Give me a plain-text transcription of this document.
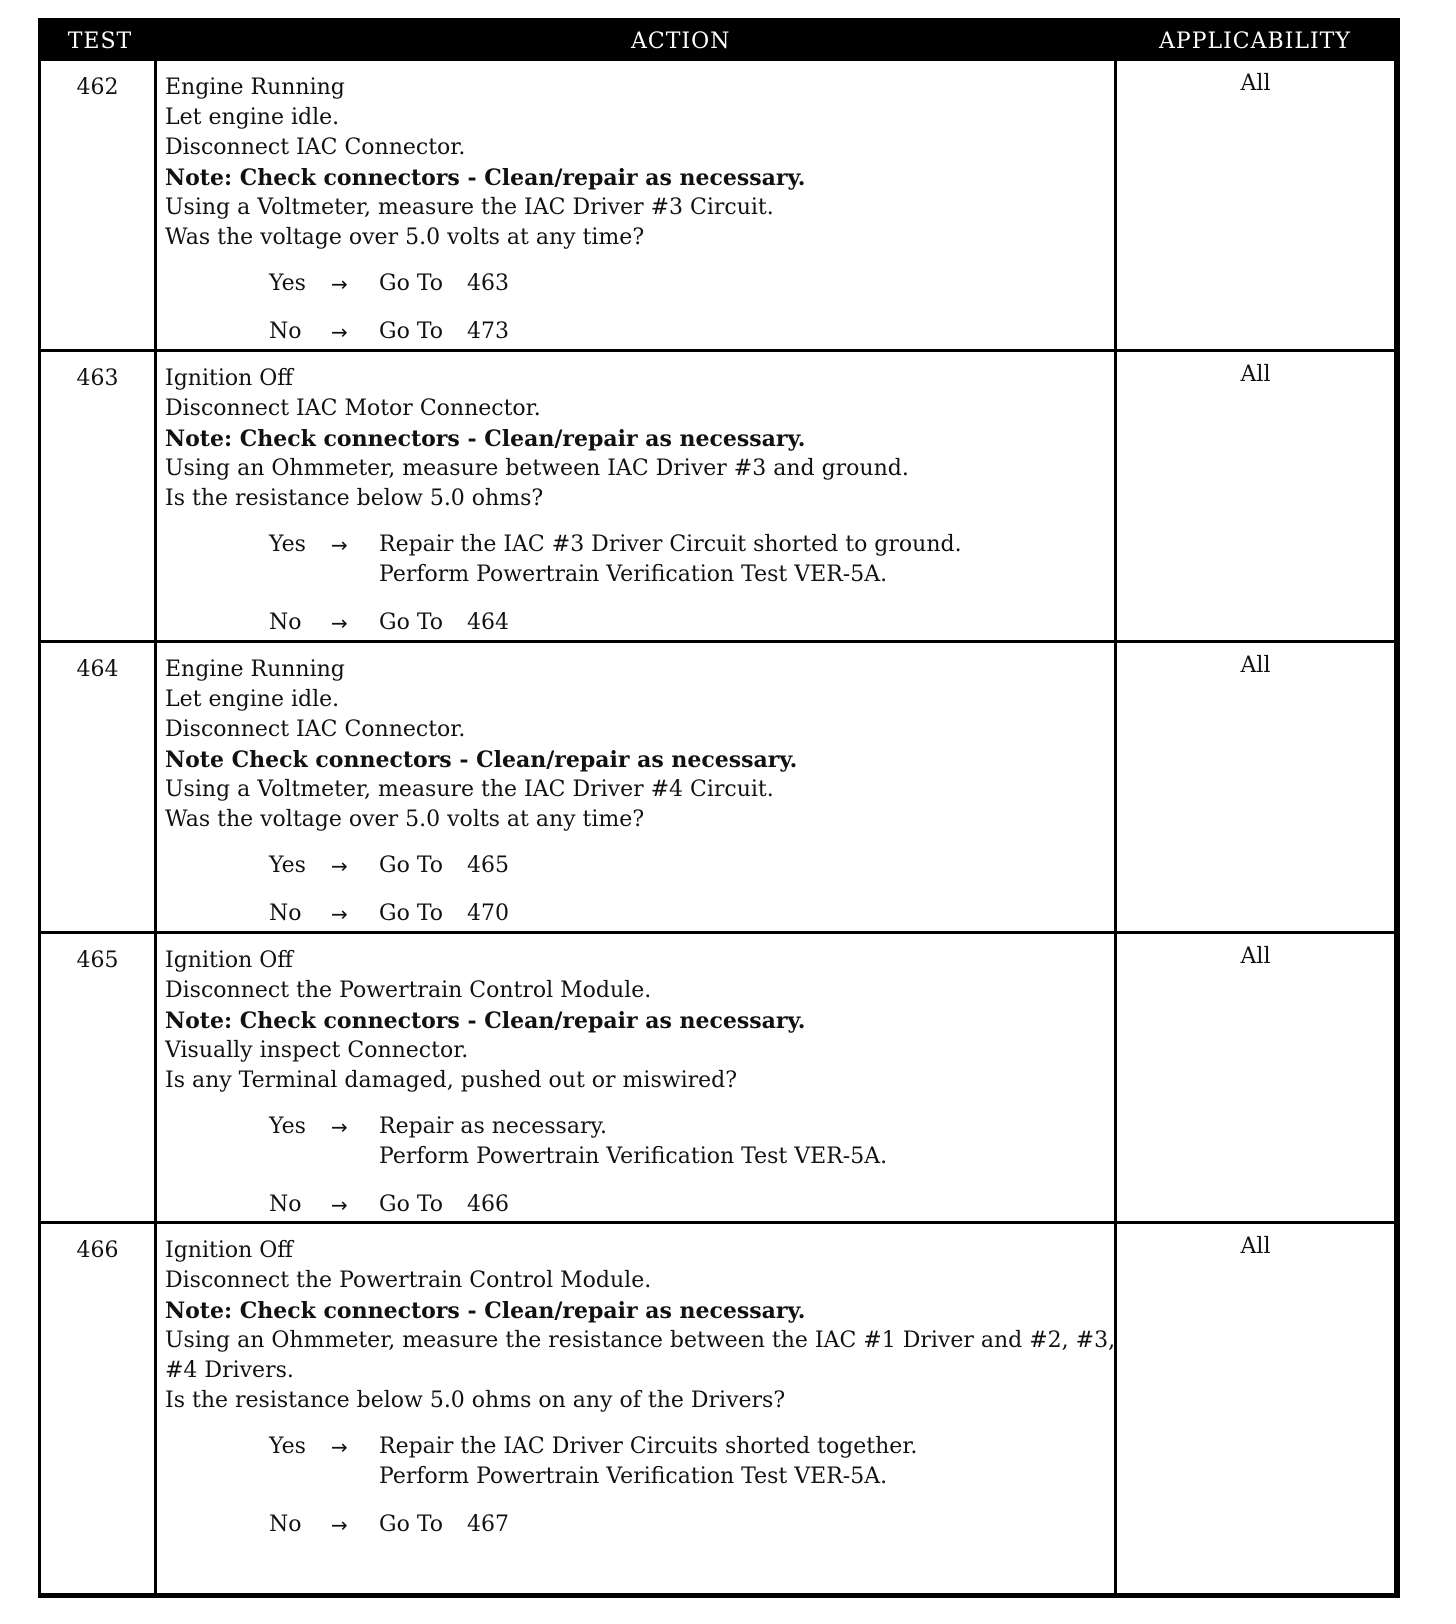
TEST	ACTION	APPLICABILITY
462	Engine Running
Let engine idle.
Disconnect IAC Connector.
Note: Check connectors - Clean/repair as necessary.
Using a Voltmeter, measure the IAC Driver #3 Circuit.
Was the voltage over 5.0 volts at any time?
Yes → Go To 463
No → Go To 473
All
463	Ignition Off
Disconnect IAC Motor Connector.
Note: Check connectors - Clean/repair as necessary.
Using an Ohmmeter, measure between IAC Driver #3 and ground.
Is the resistance below 5.0 ohms?
Yes → Repair the IAC #3 Driver Circuit shorted to ground.
Perform Powertrain Verification Test VER-5A.
No → Go To 464
All
464	Engine Running
Let engine idle.
Disconnect IAC Connector.
Note Check connectors - Clean/repair as necessary.
Using a Voltmeter, measure the IAC Driver #4 Circuit.
Was the voltage over 5.0 volts at any time?
Yes → Go To 465
No → Go To 470
All
465	Ignition Off
Disconnect the Powertrain Control Module.
Note: Check connectors - Clean/repair as necessary.
Visually inspect Connector.
Is any Terminal damaged, pushed out or miswired?
Yes → Repair as necessary.
Perform Powertrain Verification Test VER-5A.
No → Go To 466
All
466	Ignition Off
Disconnect the Powertrain Control Module.
Note: Check connectors - Clean/repair as necessary.
Using an Ohmmeter, measure the resistance between the IAC #1 Driver and #2, #3,
#4 Drivers.
Is the resistance below 5.0 ohms on any of the Drivers?
Yes → Repair the IAC Driver Circuits shorted together.
Perform Powertrain Verification Test VER-5A.
No → Go To 467
All
